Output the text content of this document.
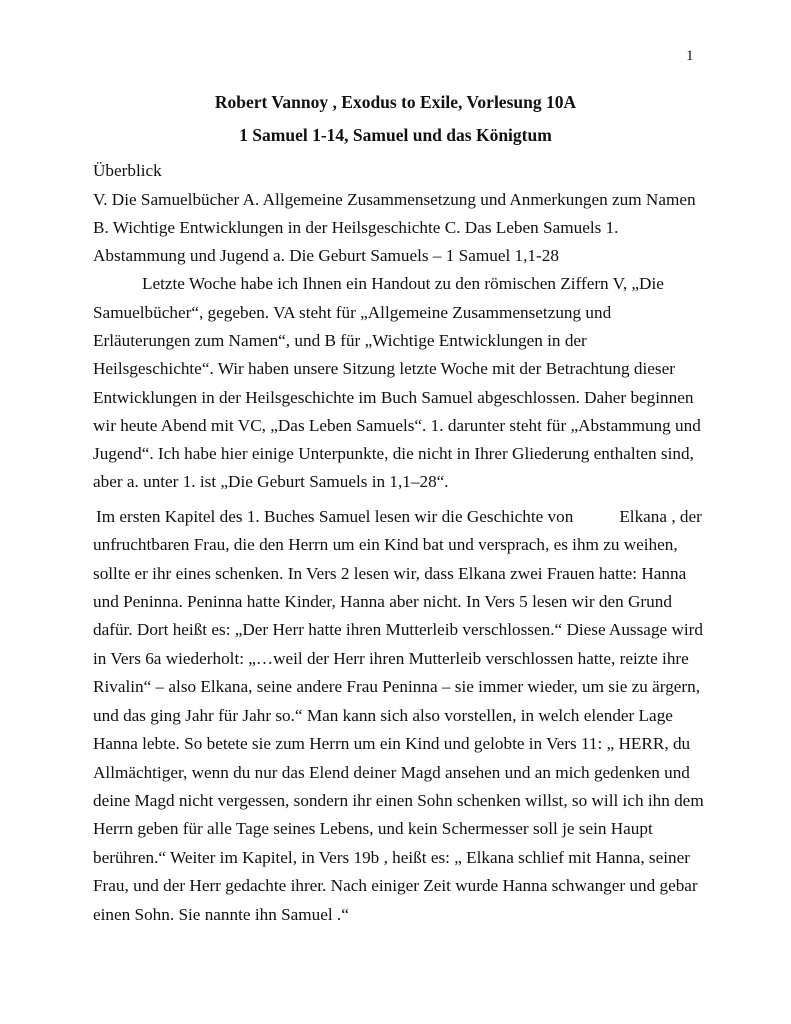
1
Robert Vannoy , Exodus to Exile, Vorlesung 10A
1 Samuel 1-14, Samuel und das Königtum

Überblick

V. Die Samuelbücher A. Allgemeine Zusammensetzung und Anmerkungen zum Namen

B. Wichtige Entwicklungen in der Heilsgeschichte C. Das Leben Samuels 1.

Abstammung und Jugend a. Die Geburt Samuels – 1 Samuel 1,1-28

Letzte Woche habe ich Ihnen ein Handout zu den römischen Ziffern V, „Die

Samuelbücher“, gegeben. VA steht für „Allgemeine Zusammensetzung und

Erläuterungen zum Namen“, und B für „Wichtige Entwicklungen in der

Heilsgeschichte“. Wir haben unsere Sitzung letzte Woche mit der Betrachtung dieser

Entwicklungen in der Heilsgeschichte im Buch Samuel abgeschlossen. Daher beginnen

wir heute Abend mit VC, „Das Leben Samuels“. 1. darunter steht für „Abstammung und

Jugend“. Ich habe hier einige Unterpunkte, die nicht in Ihrer Gliederung enthalten sind,

aber a. unter 1. ist „Die Geburt Samuels in 1,1–28“.

Im ersten Kapitel des 1. Buches Samuel lesen wir die Geschichte von	Elkana , der

unfruchtbaren Frau, die den Herrn um ein Kind bat und versprach, es ihm zu weihen,

sollte er ihr eines schenken. In Vers 2 lesen wir, dass Elkana zwei Frauen hatte: Hanna

und Peninna. Peninna hatte Kinder, Hanna aber nicht. In Vers 5 lesen wir den Grund

dafür. Dort heißt es: „Der Herr hatte ihren Mutterleib verschlossen.“ Diese Aussage wird

in Vers 6a wiederholt: „…weil der Herr ihren Mutterleib verschlossen hatte, reizte ihre

Rivalin“ – also Elkana, seine andere Frau Peninna – sie immer wieder, um sie zu ärgern,

und das ging Jahr für Jahr so.“ Man kann sich also vorstellen, in welch elender Lage

Hanna lebte. So betete sie zum Herrn um ein Kind und gelobte in Vers 11: „ HERR, du

Allmächtiger, wenn du nur das Elend deiner Magd ansehen und an mich gedenken und

deine Magd nicht vergessen, sondern ihr einen Sohn schenken willst, so will ich ihn dem

Herrn geben für alle Tage seines Lebens, und kein Schermesser soll je sein Haupt

berühren.“ Weiter im Kapitel, in Vers 19b , heißt es: „ Elkana schlief mit Hanna, seiner

Frau, und der Herr gedachte ihrer. Nach einiger Zeit wurde Hanna schwanger und gebar

einen Sohn. Sie nannte ihn Samuel .“
